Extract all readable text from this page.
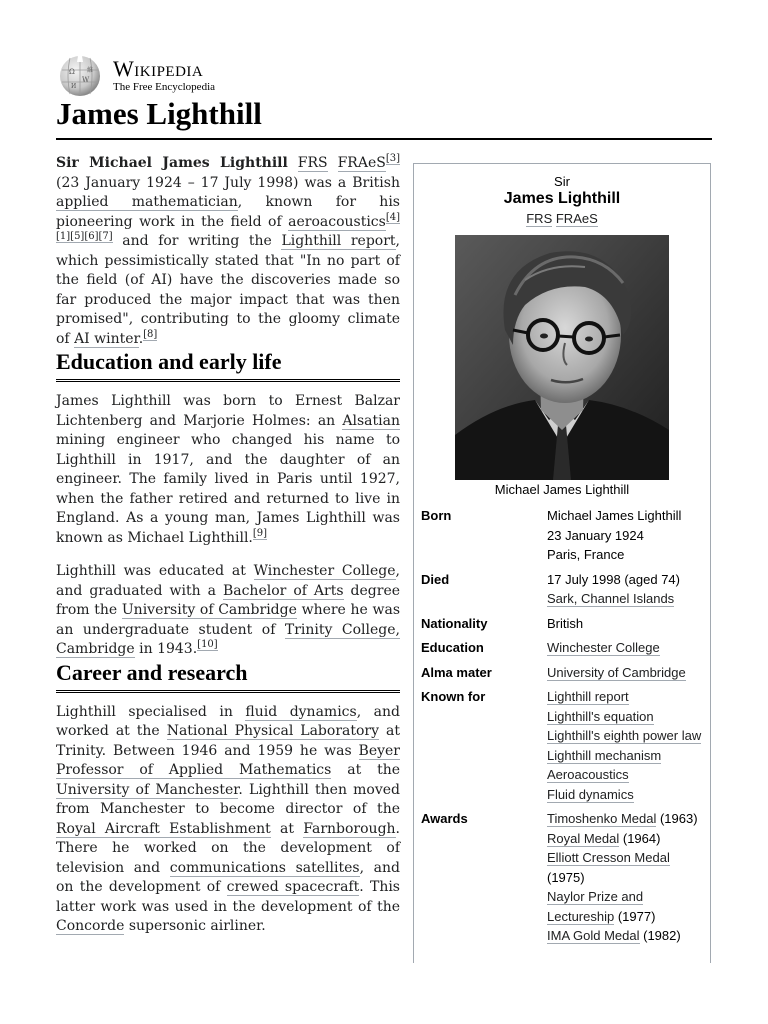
Ω
W
И
維 Wikipedia
The Free Encyclopedia
James Lighthill

Sir Michael James Lighthill FRS FRAeS[3] (23 January 1924 – 17 July 1998) was a British applied mathematician, known for his pioneering work in the field of aeroacoustics[4][1][5][6][7] and for writing the Lighthill report, which pessimistically stated that "In no part of the field (of AI) have the discoveries made so far produced the major impact that was then promised", contributing to the gloomy climate of AI winter.[8]

Education and early life

James Lighthill was born to Ernest Balzar Lichtenberg and Marjorie Holmes: an Alsatian mining engineer who changed his name to Lighthill in 1917, and the daughter of an engineer. The family lived in Paris until 1927, when the father retired and returned to live in England. As a young man, James Lighthill was known as Michael Lighthill.[9]

Lighthill was educated at Winchester College, and graduated with a Bachelor of Arts degree from the University of Cambridge where he was an undergraduate student of Trinity College, Cambridge in 1943.[10]

Career and research

Lighthill specialised in fluid dynamics, and worked at the National Physical Laboratory at Trinity. Between 1946 and 1959 he was Beyer Professor of Applied Mathematics at the University of Manchester. Lighthill then moved from Manchester to become director of the Royal Aircraft Establishment at Farnborough. There he worked on the development of television and communications satellites, and on the development of crewed spacecraft. This latter work was used in the development of the Concorde supersonic airliner.

Sir
James Lighthill
FRS FRAeS
Michael James Lighthill
Born	Michael James Lighthill
23 January 1924
Paris, France
Died	17 July 1998 (aged 74)
Sark, Channel Islands
Nationality	British
Education	Winchester College
Alma mater	University of Cambridge
Known for	Lighthill report
Lighthill's equation
Lighthill's eighth power law
Lighthill mechanism
Aeroacoustics
Fluid dynamics
Awards	Timoshenko Medal (1963)
Royal Medal (1964)
Elliott Cresson Medal (1975)
Naylor Prize and Lectureship (1977)
IMA Gold Medal (1982)
